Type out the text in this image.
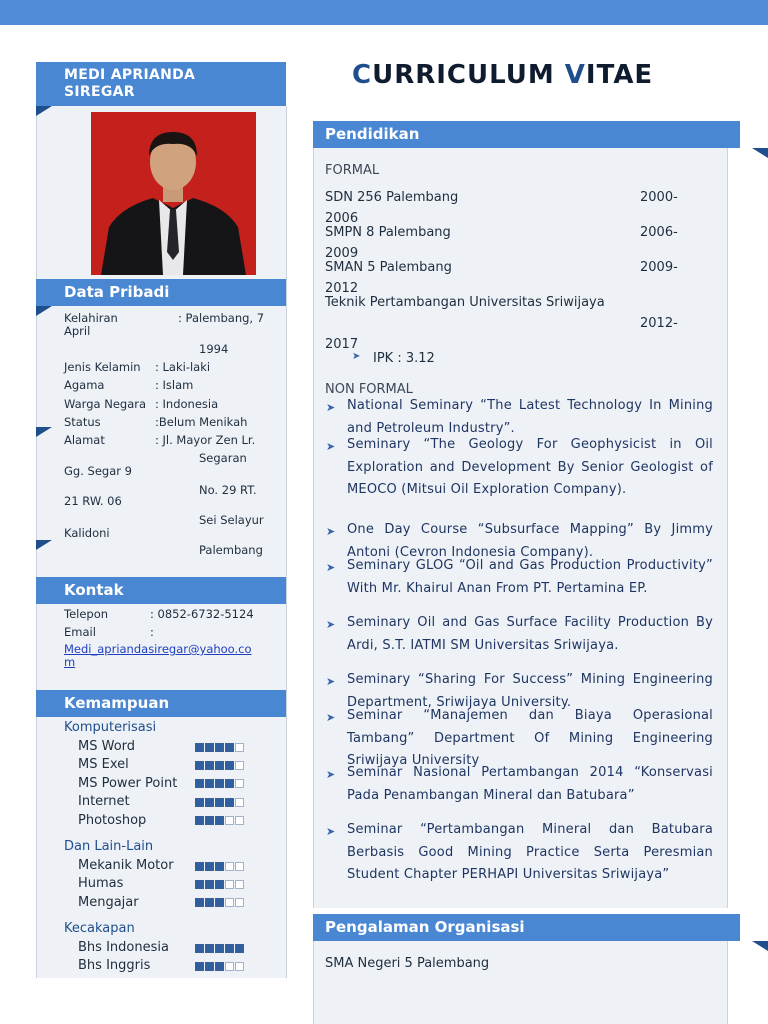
MEDI APRIANDA
SIREGAR
Data Pribadi
Kelahiran	: Palembang, 7
April
1994
Jenis Kelamin : Laki-laki
Agama	: Islam
Warga Negara : Indonesia
Status	:Belum Menikah
Alamat	: Jl. Mayor Zen Lr.
Segaran
Gg. Segar 9
No. 29 RT.
21 RW. 06
Sei Selayur
Kalidoni
Palembang
Kontak
Telepon	: 0852-6732-5124
Email	:
Medi_apriandasiregar@yahoo.co
m
Kemampuan
Komputerisasi
MS Word
MS Exel
MS Power Point
Internet
Photoshop
Dan Lain-Lain
Mekanik Motor
Humas
Mengajar
Kecakapan
Bhs Indonesia
Bhs Inggris
CURRICULUM VITAE
Pendidikan
FORMAL
SDN 256 Palembang	2000-
2006
SMPN 8 Palembang	2006-
2009
SMAN 5 Palembang	2009-
2012
Teknik Pertambangan Universitas Sriwijaya
2012-
2017
➤ IPK : 3.12
NON FORMAL
➤ National Seminary “The Latest Technology In Mining and Petroleum Industry”.
➤ Seminary “The Geology For Geophysicist in Oil Exploration and Development By Senior Geologist of MEOCO (Mitsui Oil Exploration Company).
➤ One Day Course “Subsurface Mapping” By Jimmy Antoni (Cevron Indonesia Company).
➤ Seminary GLOG “Oil and Gas Production Productivity” With Mr. Khairul Anan From PT. Pertamina EP.
➤ Seminary Oil and Gas Surface Facility Production By Ardi, S.T. IATMI SM Universitas Sriwijaya.
➤ Seminary “Sharing For Success” Mining Engineering Department, Sriwijaya University.
➤ Seminar “Manajemen dan Biaya Operasional Tambang” Department Of Mining Engineering Sriwijaya University
➤ Seminar Nasional Pertambangan 2014 “Konservasi Pada Penambangan Mineral dan Batubara”
➤ Seminar “Pertambangan Mineral dan Batubara Berbasis Good Mining Practice Serta Peresmian Student Chapter PERHAPI Universitas Sriwijaya”
Pengalaman Organisasi
SMA Negeri 5 Palembang
